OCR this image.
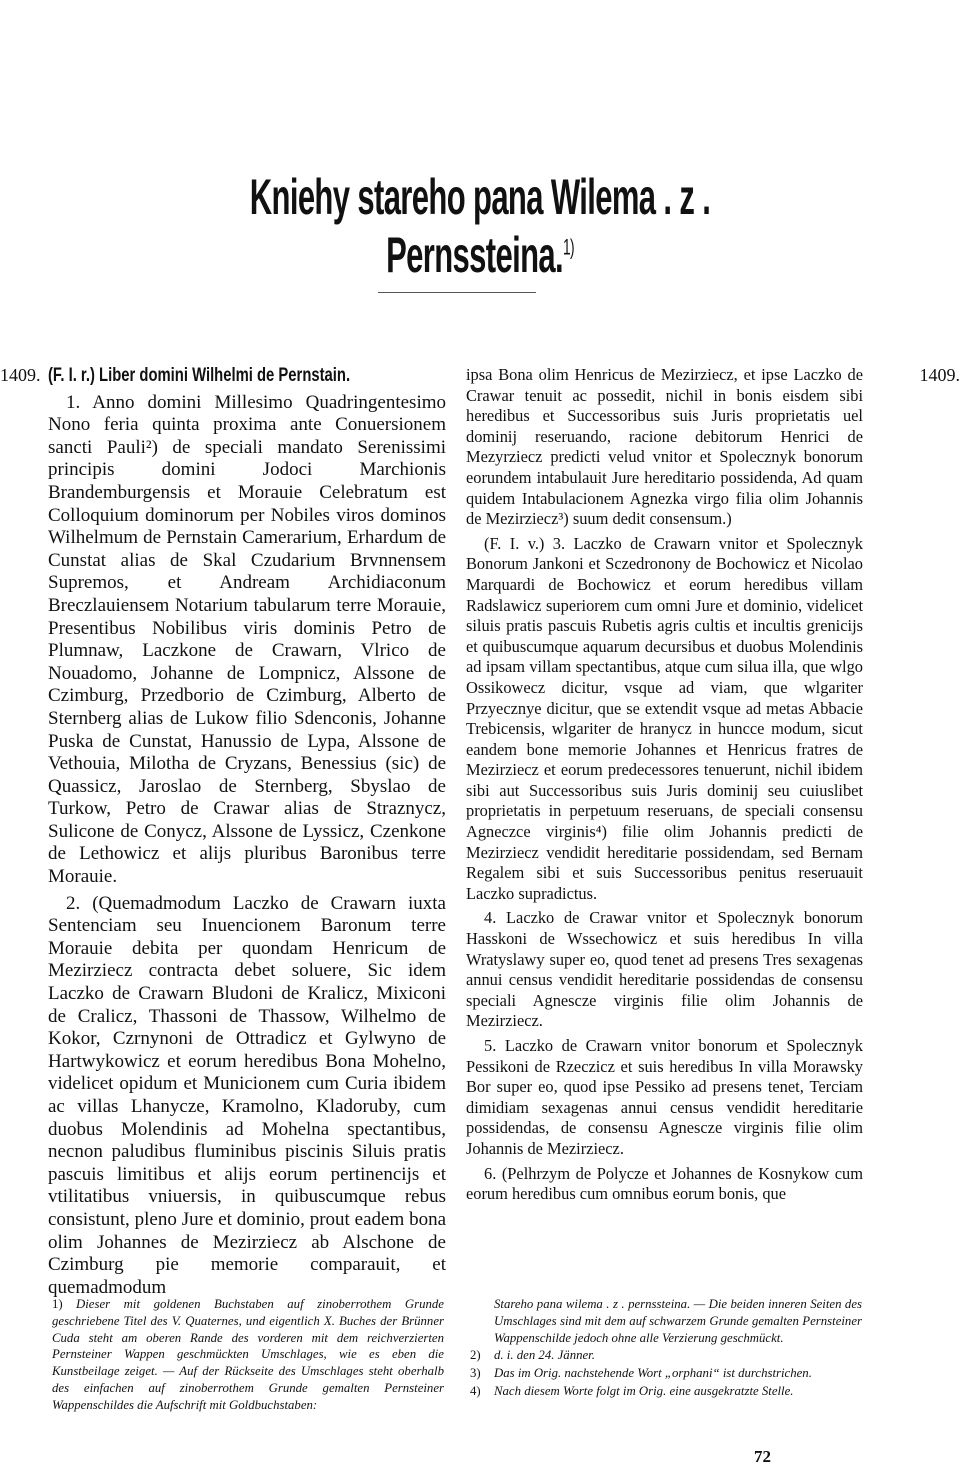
Kniehy stareho pana Wilema . z . Pernssteina.$^{1)}$
1409.	1409.

(F. I. r.) Liber domini Wilhelmi de Pernstain.

1. Anno domini Millesimo Quadringentesimo Nono feria quinta proxima ante Conuersionem sancti Pauli²) de speciali mandato Serenissimi principis domini Jodoci Marchionis Brandemburgensis et Morauie Celebratum est Colloquium dominorum per Nobiles viros dominos Wilhelmum de Pernstain Camerarium, Erhardum de Cunstat alias de Skal Czudarium Brvnnensem Supremos, et Andream Archidiaconum Breczlauiensem Notarium tabularum terre Morauie, Presentibus Nobilibus viris dominis Petro de Plumnaw, Laczkone de Crawarn, Vlrico de Nouadomo, Johanne de Lompnicz, Alssone de Czimburg, Przedborio de Czimburg, Alberto de Sternberg alias de Lukow filio Sdenconis, Johanne Puska de Cunstat, Hanussio de Lypa, Alssone de Vethouia, Milotha de Cryzans, Benessius (sic) de Quassicz, Jaroslao de Sternberg, Sbyslao de Turkow, Petro de Crawar alias de Straznycz, Sulicone de Conycz, Alssone de Lyssicz, Czenkone de Lethowicz et alijs pluribus Baronibus terre Morauie.

2. (Quemadmodum Laczko de Crawarn iuxta Sentenciam seu Inuencionem Baronum terre Morauie debita per quondam Henricum de Mezirziecz contracta debet soluere, Sic idem Laczko de Crawarn Bludoni de Kralicz, Mixiconi de Cralicz, Thassoni de Thassow, Wilhelmo de Kokor, Czrnynoni de Ottradicz et Gylwyno de Hartwykowicz et eorum heredibus Bona Mohelno, videlicet opidum et Municionem cum Curia ibidem ac villas Lhanycze, Kramolno, Kladoruby, cum duobus Molendinis ad Mohelna spectantibus, necnon paludibus fluminibus piscinis Siluis pratis pascuis limitibus et alijs eorum pertinencijs et vtilitatibus vniuersis, in quibuscumque rebus consistunt, pleno Jure et dominio, prout eadem bona olim Johannes de Mezirziecz ab Alschone de Czimburg pie memorie comparauit, et quemadmodum

ipsa Bona olim Henricus de Mezirziecz, et ipse Laczko de Crawar tenuit ac possedit, nichil in bonis eisdem sibi heredibus et Successoribus suis Juris proprietatis uel dominij reseruando, racione debitorum Henrici de Mezyrziecz predicti velud vnitor et Spolecznyk bonorum eorundem intabulauit Jure hereditario possidenda, Ad quam quidem Intabulacionem Agnezka virgo filia olim Johannis de Mezirziecz³) suum dedit consensum.)

(F. I. v.) 3. Laczko de Crawarn vnitor et Spolecznyk Bonorum Jankoni et Sczedronony de Bochowicz et Nicolao Marquardi de Bochowicz et eorum heredibus villam Radslawicz superiorem cum omni Jure et dominio, videlicet siluis pratis pascuis Rubetis agris cultis et incultis grenicijs et quibuscumque aquarum decursibus et duobus Molendinis ad ipsam villam spectantibus, atque cum silua illa, que wlgo Ossikowecz dicitur, vsque ad viam, que wlgariter Przyecznye dicitur, que se extendit vsque ad metas Abbacie Trebicensis, wlgariter de hranycz in huncce modum, sicut eandem bone memorie Johannes et Henricus fratres de Mezirziecz et eorum predecessores tenuerunt, nichil ibidem sibi aut Successoribus suis Juris dominij seu cuiuslibet proprietatis in perpetuum reseruans, de speciali consensu Agneczce virginis⁴) filie olim Johannis predicti de Mezirziecz vendidit hereditarie possidendam, sed Bernam Regalem sibi et suis Successoribus penitus reseruauit Laczko supradictus.

4. Laczko de Crawar vnitor et Spolecznyk bonorum Hasskoni de Wssechowicz et suis heredibus In villa Wratyslawy super eo, quod tenet ad presens Tres sexagenas annui census vendidit hereditarie possidendas de consensu speciali Agnescze virginis filie olim Johannis de Mezirziecz.

5. Laczko de Crawarn vnitor bonorum et Spolecznyk Pessikoni de Rzeczicz et suis heredibus In villa Morawsky Bor super eo, quod ipse Pessiko ad presens tenet, Terciam dimidiam sexagenas annui census vendidit hereditarie possidendas, de consensu Agnescze virginis filie olim Johannis de Mezirziecz.

6. (Pelhrzym de Polycze et Johannes de Kosnykow cum eorum heredibus cum omnibus eorum bonis, que

1) Dieser mit goldenen Buchstaben auf zinoberrothem Grunde geschriebene Titel des V. Quaternes, und eigentlich X. Buches der Brünner Cuda steht am oberen Rande des vorderen mit dem reichverzierten Pernsteiner Wappen geschmückten Umschlages, wie es eben die Kunstbeilage zeiget. — Auf der Rückseite des Umschlages steht oberhalb des einfachen auf zinoberrothem Grunde gemalten Pernsteiner Wappenschildes die Aufschrift mit Goldbuchstaben:

Stareho pana wilema . z . pernssteina. — Die beiden inneren Seiten des Umschlages sind mit dem auf schwarzem Grunde gemalten Pernsteiner Wappenschilde jedoch ohne alle Verzierung geschmückt.

2) d. i. den 24. Jänner.

3) Das im Orig. nachstehende Wort „orphani“ ist durchstrichen.

4) Nach diesem Worte folgt im Orig. eine ausgekratzte Stelle.

72
